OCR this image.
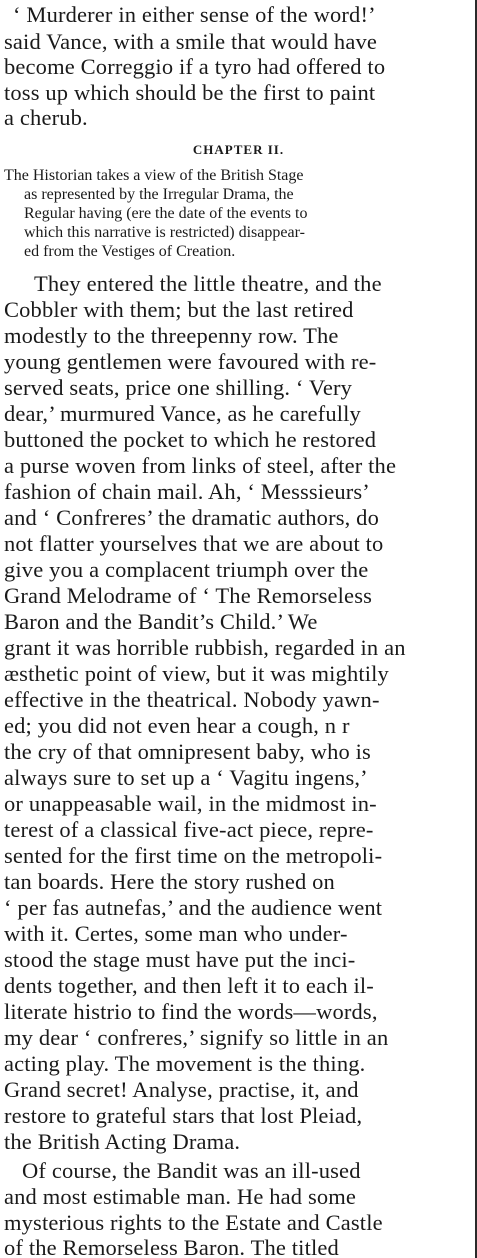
‘ Murderer in either sense of the word!’
said Vance, with a smile that would have
become Correggio if a tyro had offered to
toss up which should be the first to paint
a cherub.
CHAPTER II.
The Historian takes a view of the British Stage
as represented by the Irregular Drama, the
Regular having (ere the date of the events to
which this narrative is restricted) disappear-
ed from the Vestiges of Creation.
They entered the little theatre, and the
Cobbler with them; but the last retired
modestly to the threepenny row. The
young gentlemen were favoured with re-
served seats, price one shilling. ‘ Very
dear,’ murmured Vance, as he carefully
buttoned the pocket to which he restored
a purse woven from links of steel, after the
fashion of chain mail. Ah, ‘ Messsieurs’
and ‘ Confreres’ the dramatic authors, do
not flatter yourselves that we are about to
give you a complacent triumph over the
Grand Melodrame of ‘ The Remorseless
Baron and the Bandit’s Child.’ We
grant it was horrible rubbish, regarded in an
æsthetic point of view, but it was mightily
effective in the theatrical. Nobody yawn-
ed; you did not even hear a cough, n r
the cry of that omnipresent baby, who is
always sure to set up a ‘ Vagitu ingens,’
or unappeasable wail, in the midmost in-
terest of a classical five-act piece, repre-
sented for the first time on the metropoli-
tan boards. Here the story rushed on
‘ per fas autnefas,’ and the audience went
with it. Certes, some man who under-
stood the stage must have put the inci-
dents together, and then left it to each il-
literate histrio to find the words—words,
my dear ‘ confreres,’ signify so little in an
acting play. The movement is the thing.
Grand secret! Analyse, practise, it, and
restore to grateful stars that lost Pleiad,
the British Acting Drama.
Of course, the Bandit was an ill-used
and most estimable man. He had some
mysterious rights to the Estate and Castle
of the Remorseless Baron. The titled
